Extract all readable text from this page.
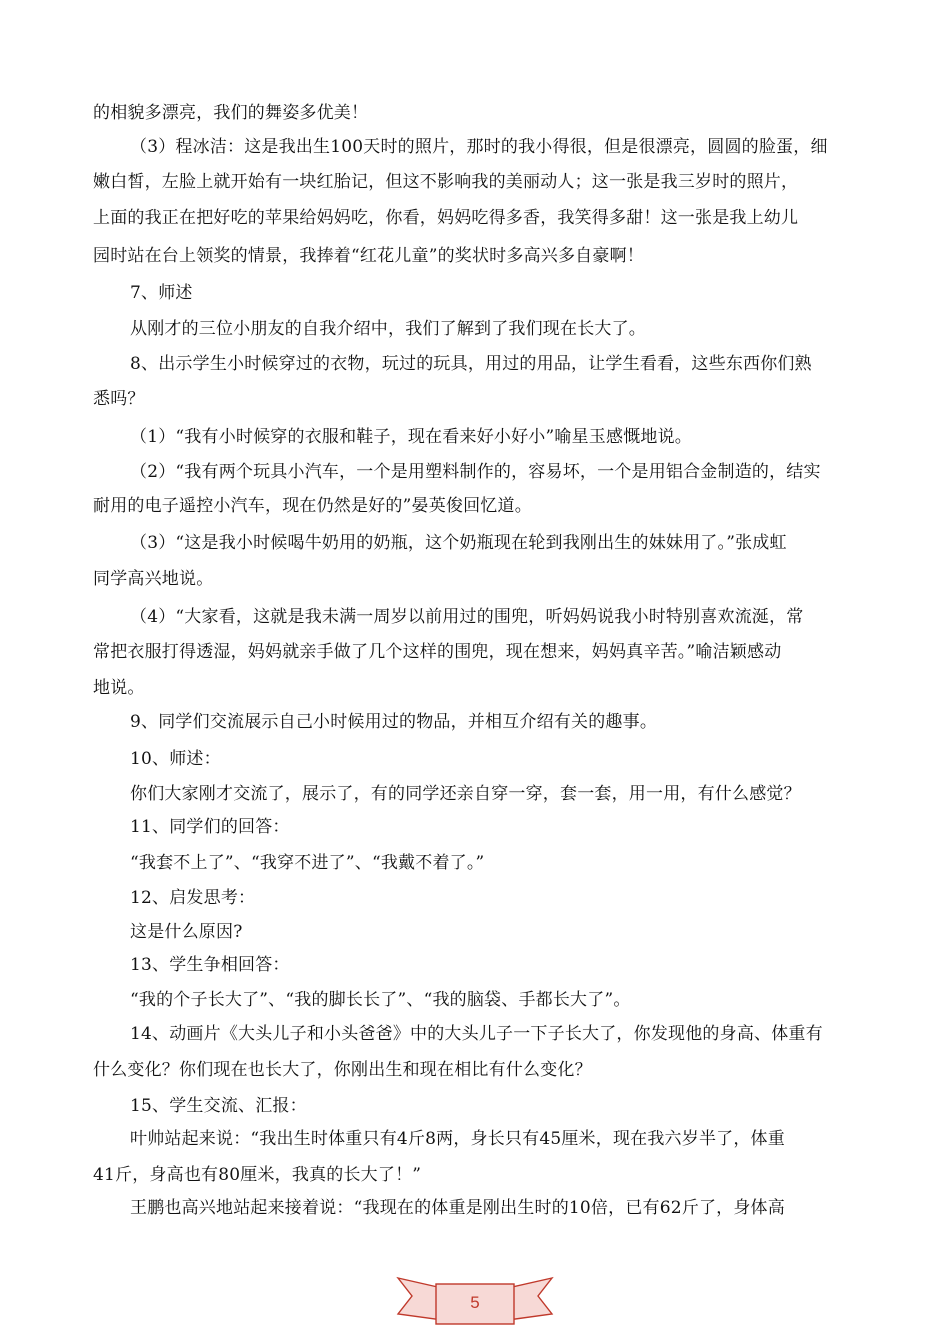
的相貌多漂亮，我们的舞姿多优美！
（3）程冰洁：这是我出生100天时的照片，那时的我小得很，但是很漂亮，圆圆的脸蛋，细
嫩白皙，左脸上就开始有一块红胎记，但这不影响我的美丽动人；这一张是我三岁时的照片，
上面的我正在把好吃的苹果给妈妈吃，你看，妈妈吃得多香，我笑得多甜！这一张是我上幼儿
园时站在台上领奖的情景，我捧着“红花儿童”的奖状时多高兴多自豪啊！
7、师述
从刚才的三位小朋友的自我介绍中，我们了解到了我们现在长大了。
8、出示学生小时候穿过的衣物，玩过的玩具，用过的用品，让学生看看，这些东西你们熟
悉吗？
（1）“我有小时候穿的衣服和鞋子，现在看来好小好小”喻星玉感慨地说。
（2）“我有两个玩具小汽车，一个是用塑料制作的，容易坏，一个是用铝合金制造的，结实
耐用的电子遥控小汽车，现在仍然是好的”晏英俊回忆道。
（3）“这是我小时候喝牛奶用的奶瓶，这个奶瓶现在轮到我刚出生的妹妹用了。”张成虹
同学高兴地说。
（4）“大家看，这就是我未满一周岁以前用过的围兜，听妈妈说我小时特别喜欢流涎，常
常把衣服打得透湿，妈妈就亲手做了几个这样的围兜，现在想来，妈妈真辛苦。”喻洁颖感动
地说。
9、同学们交流展示自己小时候用过的物品，并相互介绍有关的趣事。
10、师述：
你们大家刚才交流了，展示了，有的同学还亲自穿一穿，套一套，用一用，有什么感觉？
11、同学们的回答：
“我套不上了”、“我穿不进了”、“我戴不着了。”
12、启发思考：
这是什么原因?
13、学生争相回答：
“我的个子长大了”、“我的脚长长了”、“我的脑袋、手都长大了”。
14、动画片《大头儿子和小头爸爸》中的大头儿子一下子长大了，你发现他的身高、体重有
什么变化？你们现在也长大了，你刚出生和现在相比有什么变化？
15、学生交流、汇报：
叶帅站起来说：“我出生时体重只有4斤8两，身长只有45厘米，现在我六岁半了，体重
41斤，身高也有80厘米，我真的长大了！”
王鹏也高兴地站起来接着说：“我现在的体重是刚出生时的10倍，已有62斤了，身体高
5
